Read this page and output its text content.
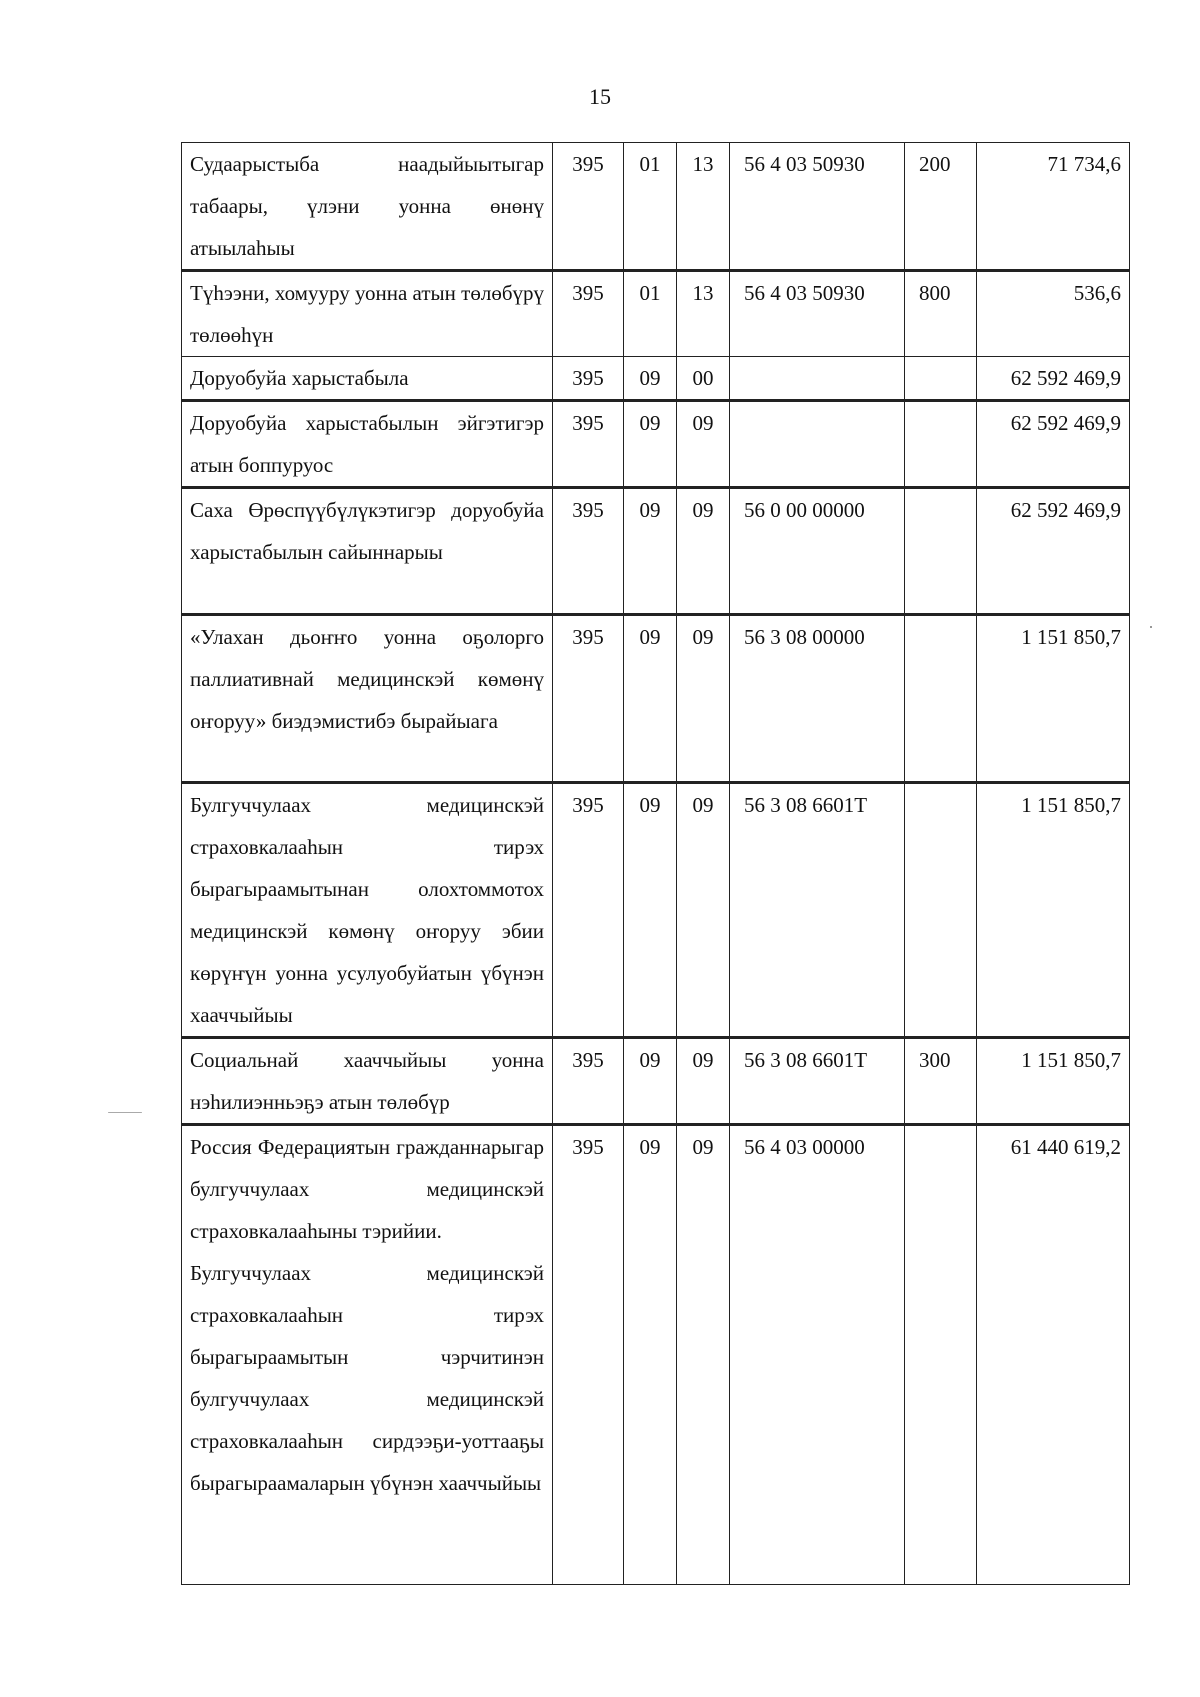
15
Судаарыстыба наадыйыытыгар табаары, үлэни уонна өнөнү атыылаhыы	395	01	13	56 4 03 50930	200	71 734,6
Түhээни, хомууру уонна атын төлөбүрү төлөөhүн	395	01	13	56 4 03 50930	800	536,6
Доруобуйа харыстабыла	395	09	00			62 592 469,9
Доруобуйа харыстабылын эйгэтигэр атын боппуруос	395	09	09			62 592 469,9
Саха Өрөспүүбүлүкэтигэр доруобуйа харыстабылын сайыннарыы	395	09	09	56 0 00 00000		62 592 469,9
«Улахан дьоҥҥо уонна оҕолорго паллиативнай медицинскэй көмөнү оҥоруу» биэдэмистибэ бырайыага	395	09	09	56 3 08 00000		1 151 850,7
Булгуччулаах медицинскэй страховкалааhын тирэх бырагыраамытынан олохтоммотох медицинскэй көмөнү оҥоруу эбии көрүҥүн уонна усулуобуйатын үбүнэн хааччыйыы	395	09	09	56 3 08 6601T		1 151 850,7
Социальнай хааччыйыы уонна нэhилиэнньэҕэ атын төлөбүр	395	09	09	56 3 08 6601T	300	1 151 850,7

Россия Федерациятын гражданнарыгар булгуччулаах медицинскэй страховкалааhыны тэрийии.
Булгуччулаах медицинскэй страховкалааhын тирэх бырагыраамытын чэрчитинэн булгуччулаах медицинскэй страховкалааhын сирдээҕи-уоттааҕы бырагыраамаларын үбүнэн хааччыйыы	395	09	09	56 4 03 00000		61 440 619,2
